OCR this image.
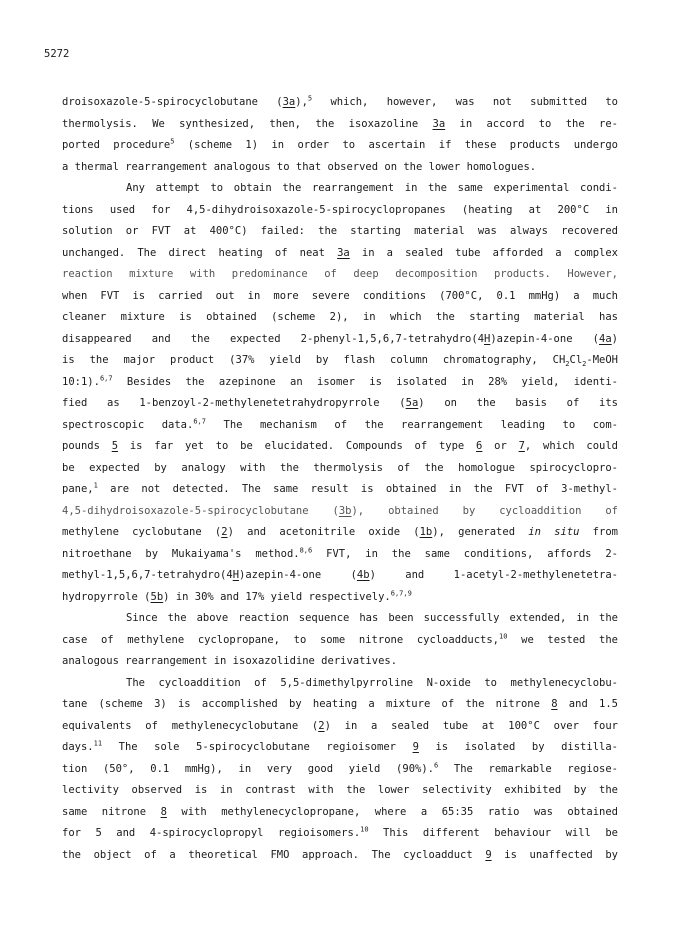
5272
droisoxazole-5-spirocyclobutane (3a),$^5$ which, however, was not submitted to
thermolysis. We synthesized, then, the isoxazoline 3a in accord to the re-
ported procedure$^5$ (scheme 1) in order to ascertain if these products undergo
a thermal rearrangement analogous to that observed on the lower homologues.
Any attempt to obtain the rearrangement in the same experimental condi-
tions used for 4,5-dihydroisoxazole-5-spirocyclopropanes (heating at 200°C in
solution or FVT at 400°C) failed: the starting material was always recovered
unchanged. The direct heating of neat 3a in a sealed tube afforded a complex
reaction mixture with predominance of deep decomposition products. However,
when FVT is carried out in more severe conditions (700°C, 0.1 mmHg) a much
cleaner mixture is obtained (scheme 2), in which the starting material has
disappeared and the expected 2-phenyl-1,5,6,7-tetrahydro(4H)azepin-4-one (4a)
is the major product (37% yield by flash column chromatography, $CH_2Cl_2$-MeOH
10:1).$^{6,7}$ Besides the azepinone an isomer is isolated in 28% yield, identi-
fied as 1-benzoyl-2-methylenetetrahydropyrrole (5a) on the basis of its
spectroscopic data.$^{6,7}$ The mechanism of the rearrangement leading to com-
pounds 5 is far yet to be elucidated. Compounds of type 6 or 7, which could
be expected by analogy with the thermolysis of the homologue spirocyclopro-
pane,$^1$ are not detected. The same result is obtained in the FVT of 3-methyl-
4,5-dihydroisoxazole-5-spirocyclobutane (3b), obtained by cycloaddition of
methylene cyclobutane (2) and acetonitrile oxide (1b), generated in situ from
nitroethane by Mukaiyama's method.$^{8,6}$ FVT, in the same conditions, affords 2-
methyl-1,5,6,7-tetrahydro(4H)azepin-4-one (4b) and 1-acetyl-2-methylenetetra-
hydropyrrole (5b) in 30% and 17% yield respectively.$^{6,7,9}$
Since the above reaction sequence has been successfully extended, in the
case of methylene cyclopropane, to some nitrone cycloadducts,$^{10}$ we tested the
analogous rearrangement in isoxazolidine derivatives.
The cycloaddition of 5,5-dimethylpyrroline N-oxide to methylenecyclobu-
tane (scheme 3) is accomplished by heating a mixture of the nitrone 8 and 1.5
equivalents of methylenecyclobutane (2) in a sealed tube at 100°C over four
days.$^{11}$ The sole 5-spirocyclobutane regioisomer 9 is isolated by distilla-
tion (50°, 0.1 mmHg), in very good yield (90%).$^6$ The remarkable regiose-
lectivity observed is in contrast with the lower selectivity exhibited by the
same nitrone 8 with methylenecyclopropane, where a 65:35 ratio was obtained
for 5 and 4-spirocyclopropyl regioisomers.$^{10}$ This different behaviour will be
the object of a theoretical FMO approach. The cycloadduct 9 is unaffected by
